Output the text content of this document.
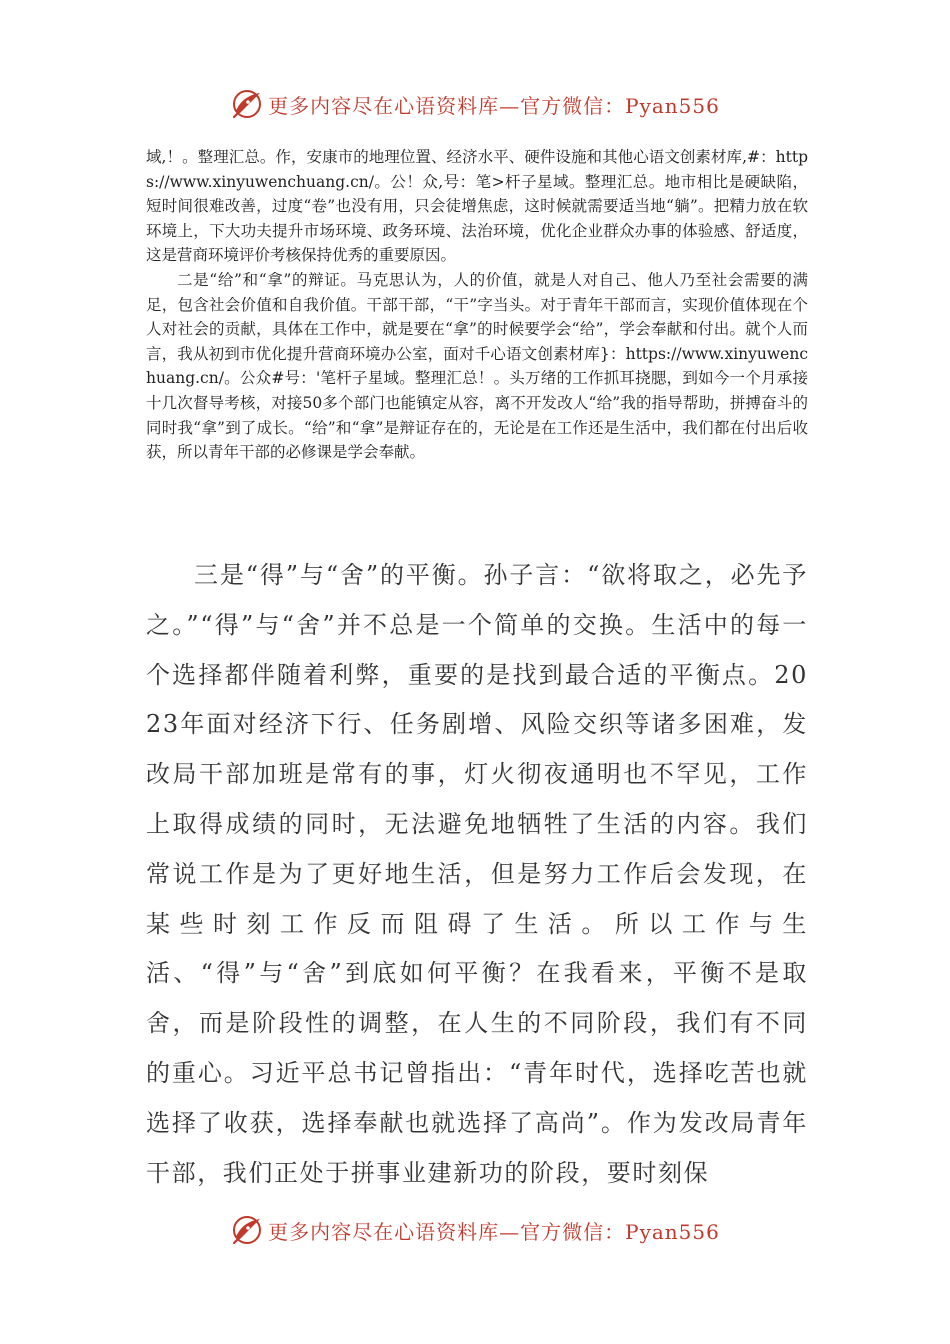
更多内容尽在心语资料库—官方微信：Pyan556

域,！。整理汇总。作，安康市的地理位置、经济水平、硬件设施和其他心语文创素材库,#：https://www.xinyuwenchuang.cn/。公！众,号：笔>杆子星域。整理汇总。地市相比是硬缺陷，短时间很难改善，过度“卷”也没有用，只会徒增焦虑，这时候就需要适当地“躺”。把精力放在软环境上，下大功夫提升市场环境、政务环境、法治环境，优化企业群众办事的体验感、舒适度，这是营商环境评价考核保持优秀的重要原因。

二是“给”和“拿”的辩证。马克思认为，人的价值，就是人对自己、他人乃至社会需要的满足，包含社会价值和自我价值。干部干部，“干”字当头。对于青年干部而言，实现价值体现在个人对社会的贡献，具体在工作中，就是要在“拿”的时候要学会“给”，学会奉献和付出。就个人而言，我从初到市优化提升营商环境办公室，面对千心语文创素材库}：https://www.xinyuwenchuang.cn/。公众#号：'笔杆子星域。整理汇总！。头万绪的工作抓耳挠腮，到如今一个月承接十几次督导考核，对接50多个部门也能镇定从容，离不开发改人“给”我的指导帮助，拼搏奋斗的同时我“拿”到了成长。“给”和“拿”是辩证存在的，无论是在工作还是生活中，我们都在付出后收获，所以青年干部的必修课是学会奉献。

三是“得”与“舍”的平衡。孙子言：“欲将取之，必先予之。”“得”与“舍”并不总是一个简单的交换。生活中的每一个选择都伴随着利弊，重要的是找到最合适的平衡点。2023年面对经济下行、任务剧增、风险交织等诸多困难，发改局干部加班是常有的事，灯火彻夜通明也不罕见，工作上取得成绩的同时，无法避免地牺牲了生活的内容。我们常说工作是为了更好地生活，但是努力工作后会发现，在某些时刻工作反而阻碍了生活。所以工作与生活、“得”与“舍”到底如何平衡？在我看来，平衡不是取舍，而是阶段性的调整，在人生的不同阶段，我们有不同的重心。习近平总书记曾指出：“青年时代，选择吃苦也就选择了收获，选择奉献也就选择了高尚”。作为发改局青年干部，我们正处于拼事业建新功的阶段，要时刻保

更多内容尽在心语资料库—官方微信：Pyan556
